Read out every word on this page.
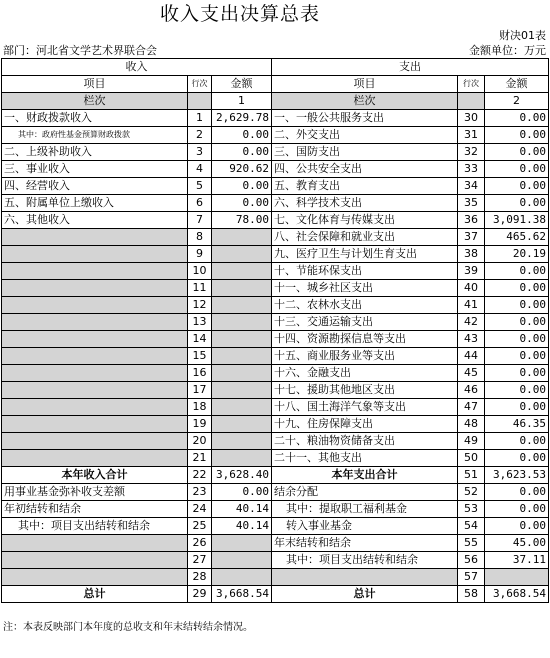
收入支出决算总表
财决01表
部门：河北省文学艺术界联合会	金额单位：万元
收入			支出		
项目	行次	金额	项目	行次	金额
栏次		1	栏次		2
一、财政拨款收入	1	2,629.78	一、一般公共服务支出	30	0.00
其中：政府性基金预算财政拨款	2	0.00	二、外交支出	31	0.00
二、上级补助收入	3	0.00	三、国防支出	32	0.00
三、事业收入	4	920.62	四、公共安全支出	33	0.00
四、经营收入	5	0.00	五、教育支出	34	0.00
五、附属单位上缴收入	6	0.00	六、科学技术支出	35	0.00
六、其他收入	7	78.00	七、文化体育与传媒支出	36	3,091.38
	8		八、社会保障和就业支出	37	465.62
	9		九、医疗卫生与计划生育支出	38	20.19
	10		十、节能环保支出	39	0.00
	11		十一、城乡社区支出	40	0.00
	12		十二、农林水支出	41	0.00
	13		十三、交通运输支出	42	0.00
	14		十四、资源勘探信息等支出	43	0.00
	15		十五、商业服务业等支出	44	0.00
	16		十六、金融支出	45	0.00
	17		十七、援助其他地区支出	46	0.00
	18		十八、国土海洋气象等支出	47	0.00
	19		十九、住房保障支出	48	46.35
	20		二十、粮油物资储备支出	49	0.00
	21		二十一、其他支出	50	0.00
本年收入合计	22	3,628.40	本年支出合计	51	3,623.53
用事业基金弥补收支差额	23	0.00	结余分配	52	0.00
年初结转和结余	24	40.14	其中：提取职工福利基金	53	0.00
其中：项目支出结转和结余	25	40.14	转入事业基金	54	0.00
	26		年末结转和结余	55	45.00
	27		其中：项目支出结转和结余	56	37.11
	28			57	
总计	29	3,668.54	总计	58	3,668.54
注：本表反映部门本年度的总收支和年末结转结余情况。
